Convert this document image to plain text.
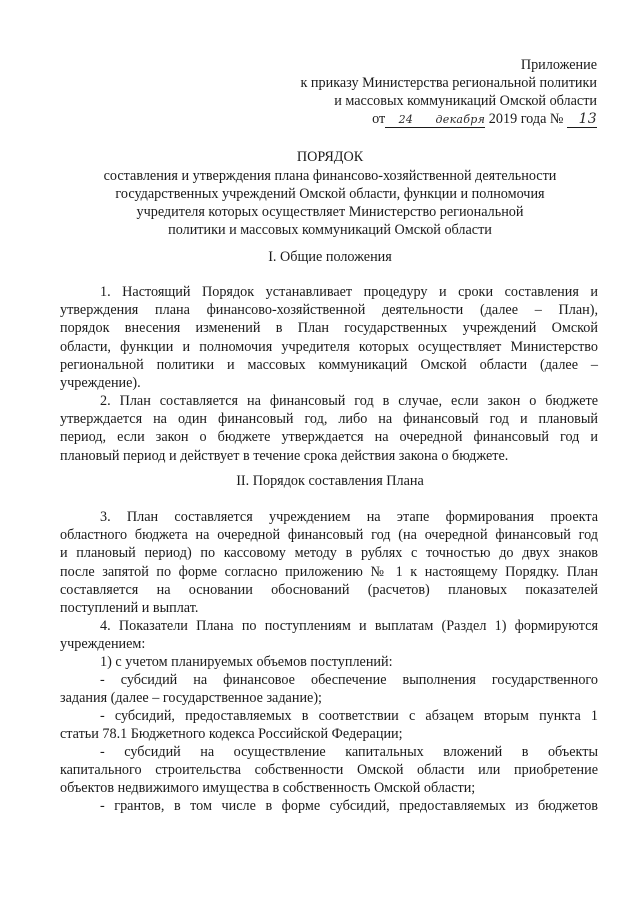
Приложение
к приказу Министерства региональной политики
и массовых коммуникаций Омской области
от 24 декабря 2019 года № 13
ПОРЯДОК
составления и утверждения плана финансово-хозяйственной деятельности
государственных учреждений Омской области, функции и полномочия
учредителя которых осуществляет Министерство региональной
политики и массовых коммуникаций Омской области
I. Общие положения
1. Настоящий Порядок устанавливает процедуру и сроки составления и
утверждения плана финансово-хозяйственной деятельности (далее – План),
порядок внесения изменений в План государственных учреждений Омской
области, функции и полномочия учредителя которых осуществляет Министерство
региональной политики и массовых коммуникаций Омской области (далее –
учреждение).
2. План составляется на финансовый год в случае, если закон о бюджете
утверждается на один финансовый год, либо на финансовый год и плановый
период, если закон о бюджете утверждается на очередной финансовый год и
плановый период и действует в течение срока действия закона о бюджете.
II. Порядок составления Плана
3. План составляется учреждением на этапе формирования проекта
областного бюджета на очередной финансовый год (на очередной финансовый год
и плановый период) по кассовому методу в рублях с точностью до двух знаков
после запятой по форме согласно приложению № 1 к настоящему Порядку. План
составляется на основании обоснований (расчетов) плановых показателей
поступлений и выплат.
4. Показатели Плана по поступлениям и выплатам (Раздел 1) формируются
учреждением:
1) с учетом планируемых объемов поступлений:
- субсидий на финансовое обеспечение выполнения государственного
задания (далее – государственное задание);
- субсидий, предоставляемых в соответствии с абзацем вторым пункта 1
статьи 78.1 Бюджетного кодекса Российской Федерации;
- субсидий на осуществление капитальных вложений в объекты
капитального строительства собственности Омской области или приобретение
объектов недвижимого имущества в собственность Омской области;
- грантов, в том числе в форме субсидий, предоставляемых из бюджетов
